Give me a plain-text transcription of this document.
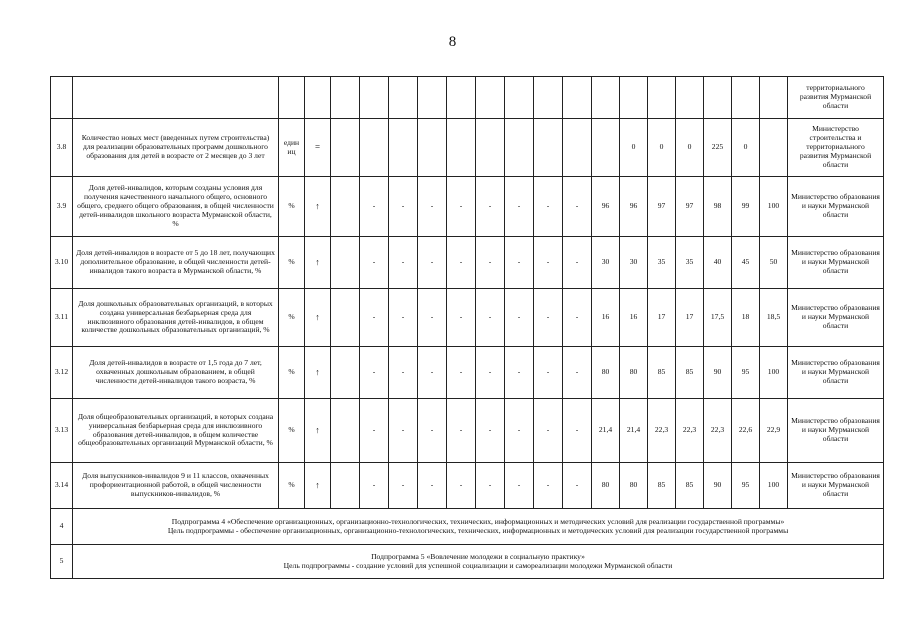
8
																				территориального развития Мурманской области
3.8	Количество новых мест (введенных путем строительства) для реализации образовательных программ дошкольного образования для детей в возрасте от 2 месяцев до 3 лет	един иц	=											0	0	0	225	0		Министерство строительства и территориального развития Мурманской области
3.9	Доля детей-инвалидов, которым созданы условия для получения качественного начального общего, основного общего, среднего общего образования, в общей численности детей-инвалидов школьного возраста Мурманской области, %	%	↑		-	-	-	-	-	-	-	-	96	96	97	97	98	99	100	Министерство образования и науки Мурманской области
3.10	Доля детей-инвалидов в возрасте от 5 до 18 лет, получающих дополнительное образование, в общей численности детей-инвалидов такого возраста в Мурманской области, %	%	↑		-	-	-	-	-	-	-	-	30	30	35	35	40	45	50	Министерство образования и науки Мурманской области
3.11	Доля дошкольных образовательных организаций, в которых создана универсальная безбарьерная среда для инклюзивного образования детей-инвалидов, в общем количестве дошкольных образовательных организаций, %	%	↑		-	-	-	-	-	-	-	-	16	16	17	17	17,5	18	18,5	Министерство образования и науки Мурманской области
3.12	Доля детей-инвалидов в возрасте от 1,5 года до 7 лет, охваченных дошкольным образованием, в общей численности детей-инвалидов такого возраста, %	%	↑		-	-	-	-	-	-	-	-	80	80	85	85	90	95	100	Министерство образования и науки Мурманской области
3.13	Доля общеобразовательных организаций, в которых создана универсальная безбарьерная среда для инклюзивного образования детей-инвалидов, в общем количестве общеобразовательных организаций Мурманской области, %	%	↑		-	-	-	-	-	-	-	-	21,4	21,4	22,3	22,3	22,3	22,6	22,9	Министерство образования и науки Мурманской области
3.14	Доля выпускников-инвалидов 9 и 11 классов, охваченных профориентационной работой, в общей численности выпускников-инвалидов, %	%	↑		-	-	-	-	-	-	-	-	80	80	85	85	90	95	100	Министерство образования и науки Мурманской области
4	Подпрограмма 4 «Обеспечение организационных, организационно-технологических, технических, информационных и методических условий для реализации государственной программы»
Цель подпрограммы - обеспечение организационных, организационно-технологических, технических, информационных и методических условий для реализации государственной программы																			

5	Подпрограмма 5 «Вовлечение молодежи в социальную практику»
Цель подпрограммы - создание условий для успешной социализации и самореализации молодежи Мурманской области																			
